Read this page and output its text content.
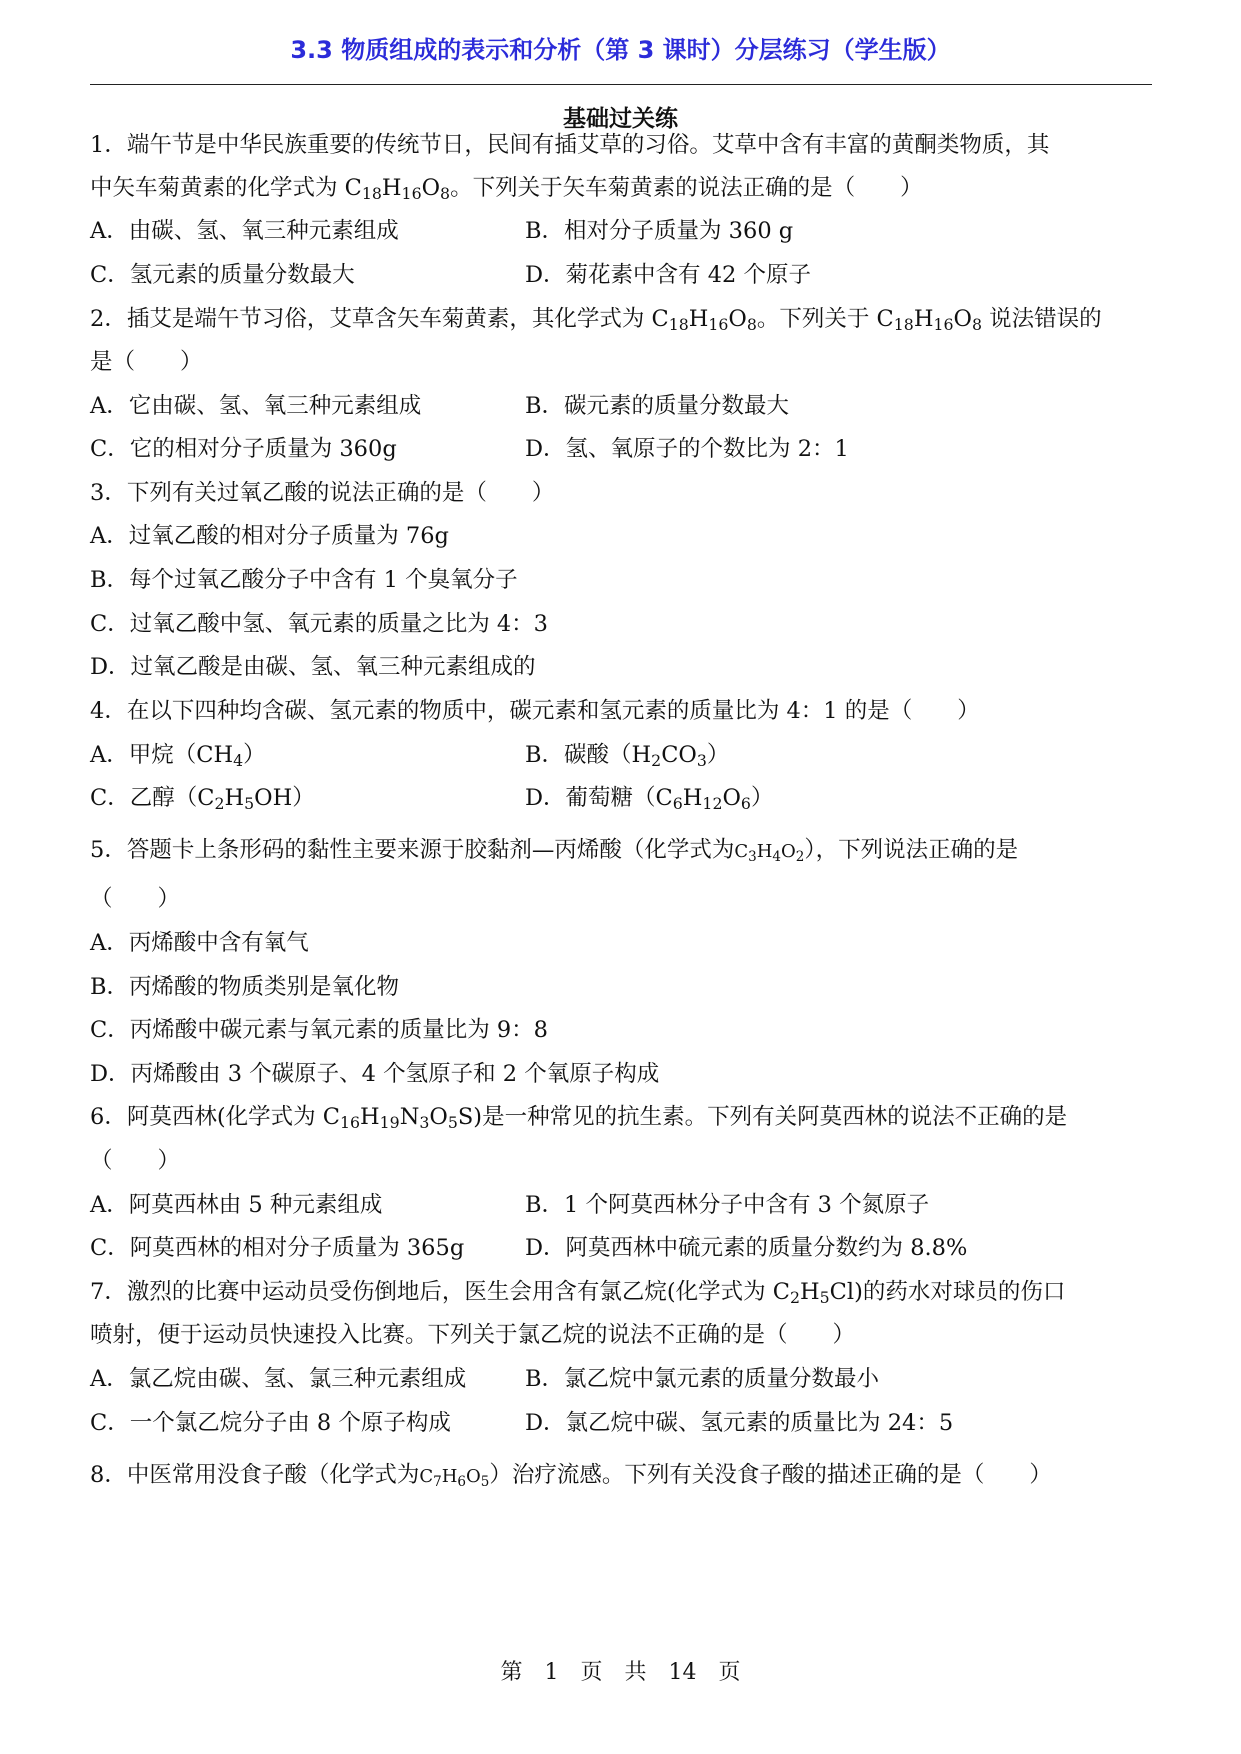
3.3 物质组成的表示和分析（第 3 课时）分层练习（学生版）
基础过关练
1．端午节是中华民族重要的传统节日，民间有插艾草的习俗。艾草中含有丰富的黄酮类物质，其
中矢车菊黄素的化学式为 $C_{18}H_{16}O_8$。下列关于矢车菊黄素的说法正确的是（　　）
A．由碳、氢、氧三种元素组成	B．相对分子质量为 360 g
C．氢元素的质量分数最大	D．菊花素中含有 42 个原子
2．插艾是端午节习俗，艾草含矢车菊黄素，其化学式为 $C_{18}H_{16}O_8$。下列关于 $C_{18}H_{16}O_8$ 说法错误的
是（　　）
A．它由碳、氢、氧三种元素组成	B．碳元素的质量分数最大
C．它的相对分子质量为 360g	D．氢、氧原子的个数比为 2：1
3．下列有关过氧乙酸的说法正确的是（　　）
A．过氧乙酸的相对分子质量为 76g
B．每个过氧乙酸分子中含有 1 个臭氧分子
C．过氧乙酸中氢、氧元素的质量之比为 4：3
D．过氧乙酸是由碳、氢、氧三种元素组成的
4．在以下四种均含碳、氢元素的物质中，碳元素和氢元素的质量比为 4：1 的是（　　）
A．甲烷$(CH_4)$	B．碳酸$(H_2CO_3)$
C．乙醇$(C_2H_5OH)$	D．葡萄糖$(C_6H_{12}O_6)$
5．答题卡上条形码的黏性主要来源于胶黏剂—丙烯酸（化学式为C3H4O2），下列说法正确的是
（　　）
A．丙烯酸中含有氧气
B．丙烯酸的物质类别是氧化物
C．丙烯酸中碳元素与氧元素的质量比为 9：8
D．丙烯酸由 3 个碳原子、4 个氢原子和 2 个氧原子构成
6．阿莫西林(化学式为 $C_{16}H_{19}N_3O_5S$)是一种常见的抗生素。下列有关阿莫西林的说法不正确的是
（　　）
A．阿莫西林由 5 种元素组成	B．1 个阿莫西林分子中含有 3 个氮原子
C．阿莫西林的相对分子质量为 365g	D．阿莫西林中硫元素的质量分数约为 8.8%
7．激烈的比赛中运动员受伤倒地后，医生会用含有氯乙烷(化学式为 $C_2H_5Cl$)的药水对球员的伤口
喷射，便于运动员快速投入比赛。下列关于氯乙烷的说法不正确的是（　　）
A．氯乙烷由碳、氢、氯三种元素组成	B．氯乙烷中氯元素的质量分数最小
C．一个氯乙烷分子由 8 个原子构成	D．氯乙烷中碳、氢元素的质量比为 24：5
8．中医常用没食子酸（化学式为C7H6O5）治疗流感。下列有关没食子酸的描述正确的是（　　）
第　1　页　共　14　页
